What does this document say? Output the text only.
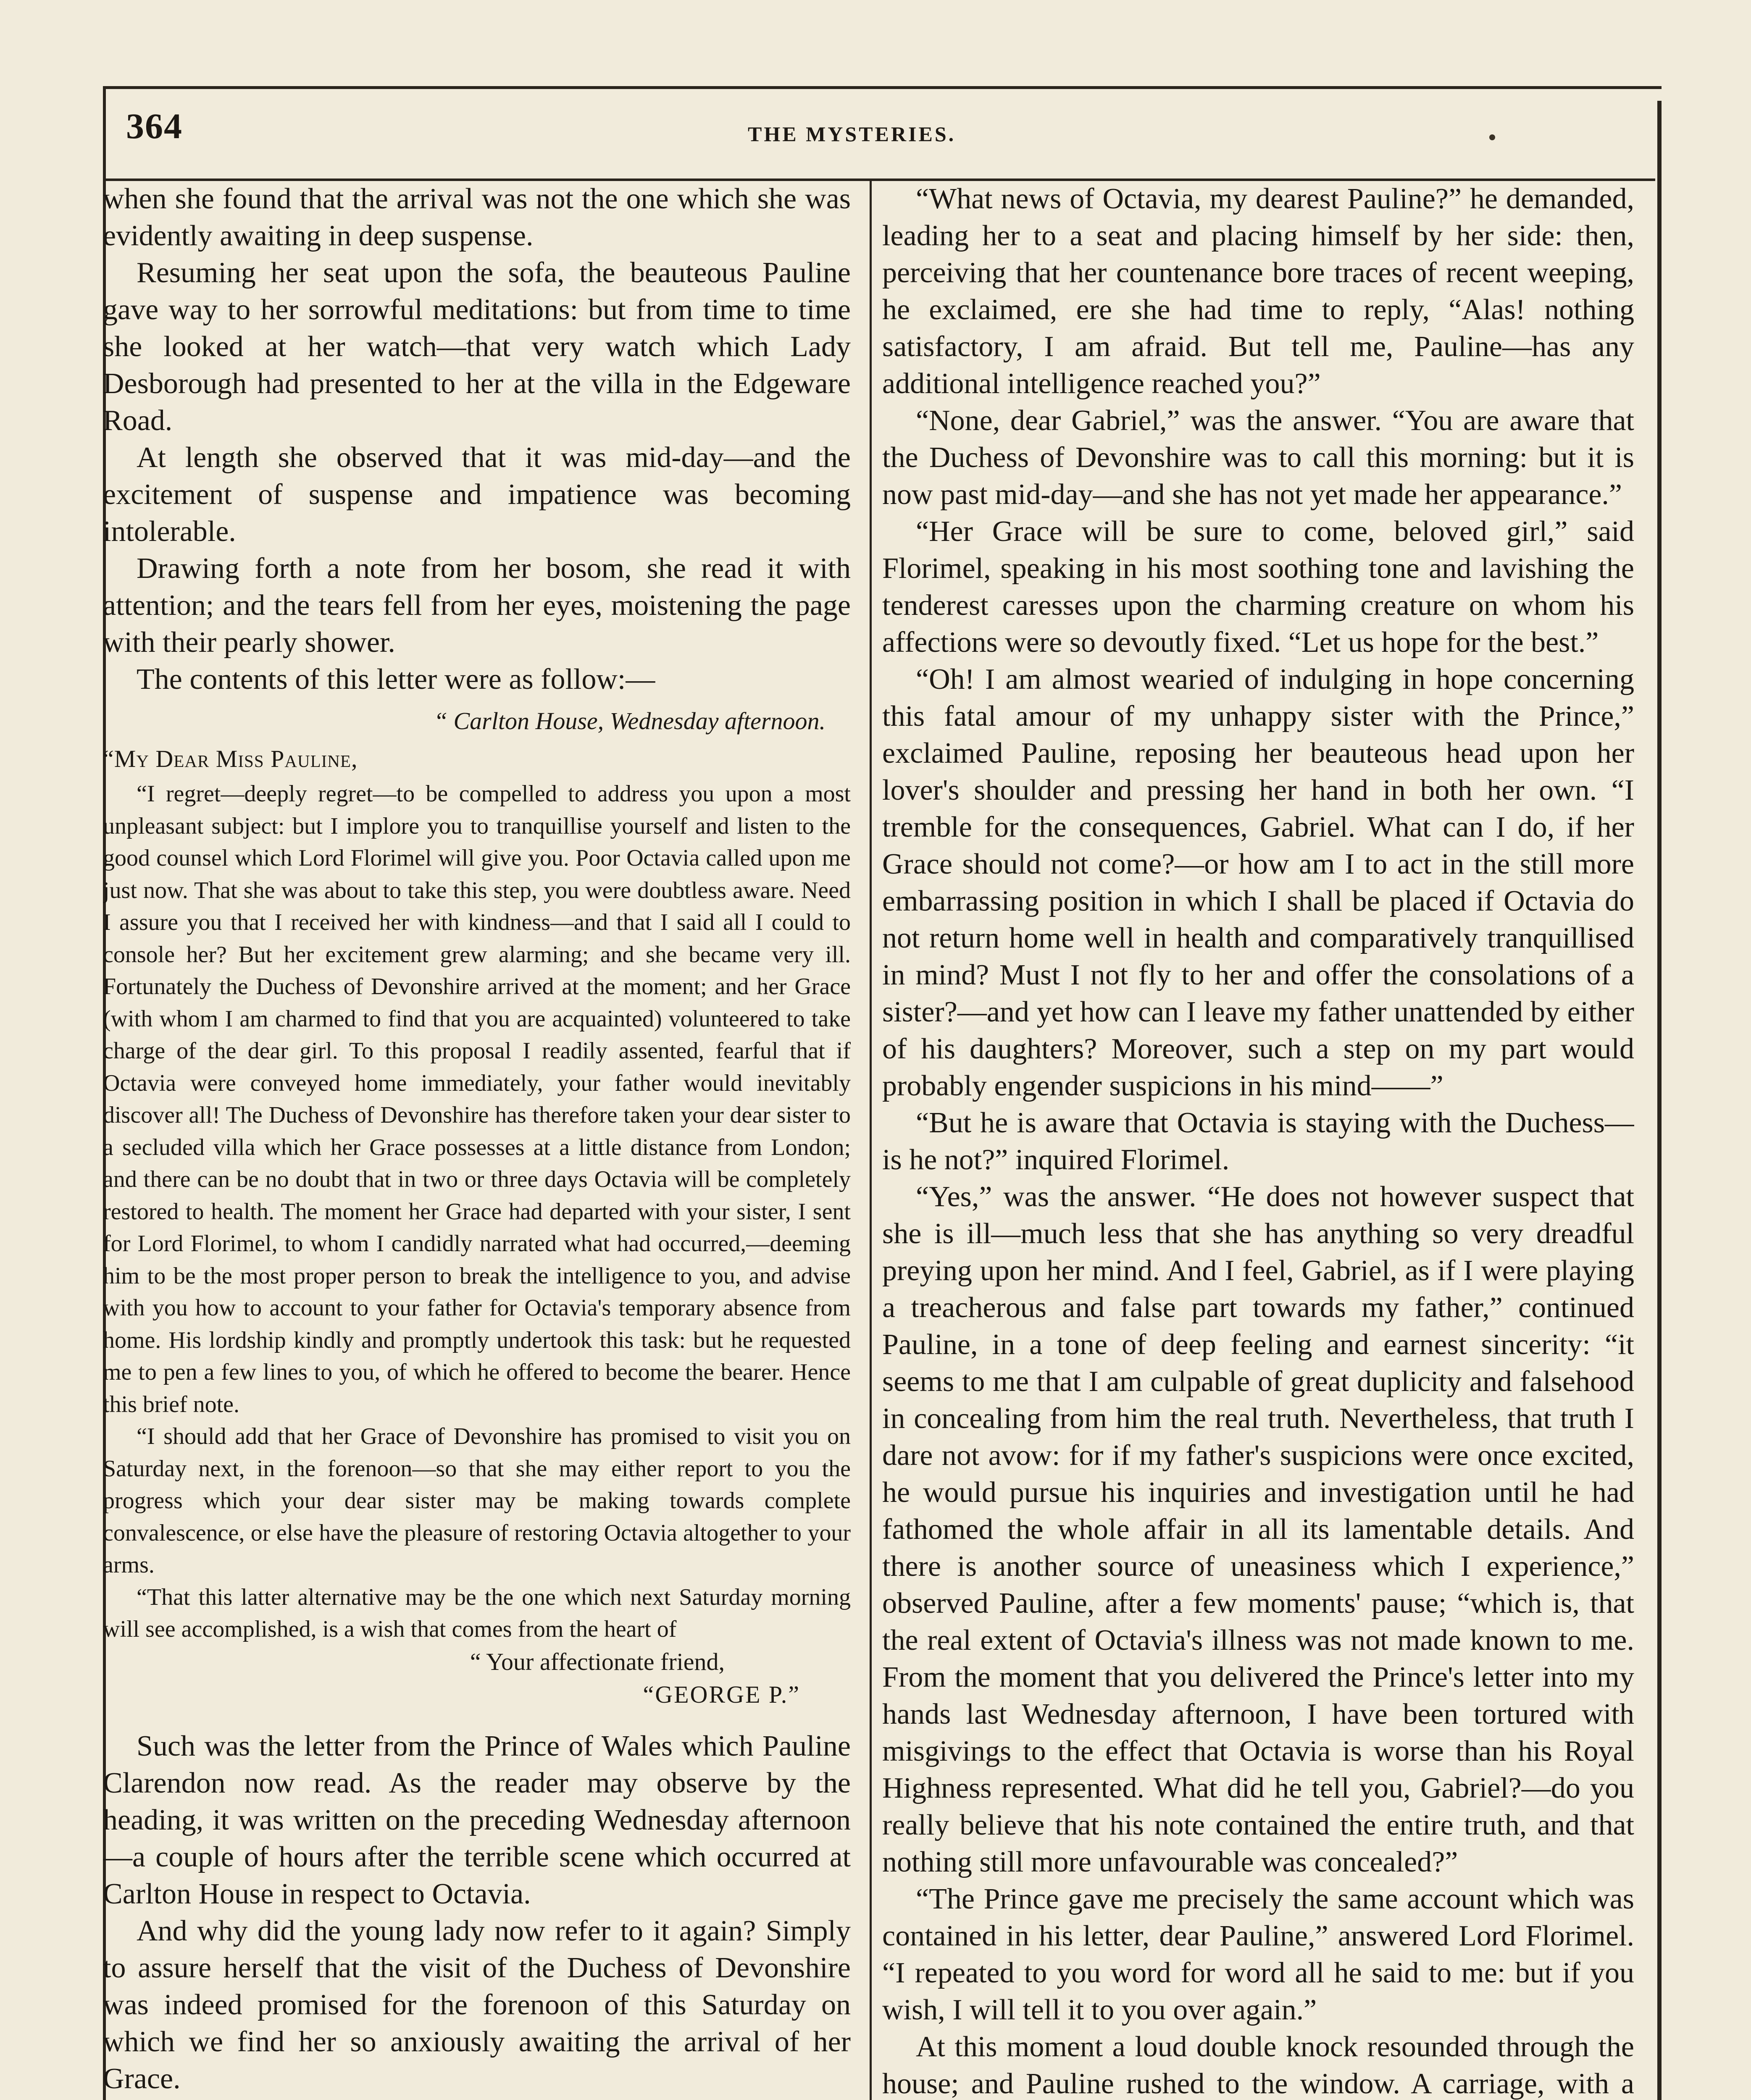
364	THE MYSTERIES.

when she found that the arrival was not the one which she was evidently awaiting in deep suspense.

Resuming her seat upon the sofa, the beauteous Pauline gave way to her sorrowful meditations: but from time to time she looked at her watch—that very watch which Lady Desborough had presented to her at the villa in the Edgeware Road.

At length she observed that it was mid-day—and the excitement of suspense and impatience was becoming intolerable.

Drawing forth a note from her bosom, she read it with attention; and the tears fell from her eyes, moistening the page with their pearly shower.

The contents of this letter were as follow:—

“ Carlton House, Wednesday afternoon.
“My Dear Miss Pauline,

“I regret—deeply regret—to be compelled to address you upon a most unpleasant subject: but I implore you to tranquillise yourself and listen to the good counsel which Lord Florimel will give you. Poor Octavia called upon me just now. That she was about to take this step, you were doubtless aware. Need I assure you that I received her with kindness—and that I said all I could to console her? But her excitement grew alarming; and she became very ill. Fortunately the Duchess of Devonshire arrived at the moment; and her Grace (with whom I am charmed to find that you are acquainted) volunteered to take charge of the dear girl. To this proposal I readily assented, fearful that if Octavia were conveyed home immediately, your father would inevitably discover all! The Duchess of Devonshire has therefore taken your dear sister to a secluded villa which her Grace possesses at a little distance from London; and there can be no doubt that in two or three days Octavia will be completely restored to health. The moment her Grace had departed with your sister, I sent for Lord Florimel, to whom I candidly narrated what had occurred,—deeming him to be the most proper person to break the intelligence to you, and advise with you how to account to your father for Octavia's temporary absence from home. His lordship kindly and promptly undertook this task: but he requested me to pen a few lines to you, of which he offered to become the bearer. Hence this brief note.

“I should add that her Grace of Devonshire has promised to visit you on Saturday next, in the forenoon—so that she may either report to you the progress which your dear sister may be making towards complete convalescence, or else have the pleasure of restoring Octavia altogether to your arms.

“That this latter alternative may be the one which next Saturday morning will see accomplished, is a wish that comes from the heart of

“ Your affectionate friend,
“GEORGE P.”

Such was the letter from the Prince of Wales which Pauline Clarendon now read. As the reader may observe by the heading, it was written on the preceding Wednesday afternoon—a couple of hours after the terrible scene which occurred at Carlton House in respect to Octavia.

And why did the young lady now refer to it again? Simply to assure herself that the visit of the Duchess of Devonshire was indeed promised for the forenoon of this Saturday on which we find her so anxiously awaiting the arrival of her Grace.

“What news of Octavia, my dearest Pauline?” he demanded, leading her to a seat and placing himself by her side: then, perceiving that her countenance bore traces of recent weeping, he exclaimed, ere she had time to reply, “Alas! nothing satisfactory, I am afraid. But tell me, Pauline—has any additional intelligence reached you?”

“None, dear Gabriel,” was the answer. “You are aware that the Duchess of Devonshire was to call this morning: but it is now past mid-day—and she has not yet made her appearance.”

“Her Grace will be sure to come, beloved girl,” said Florimel, speaking in his most soothing tone and lavishing the tenderest caresses upon the charming creature on whom his affections were so devoutly fixed. “Let us hope for the best.”

“Oh! I am almost wearied of indulging in hope concerning this fatal amour of my unhappy sister with the Prince,” exclaimed Pauline, reposing her beauteous head upon her lover's shoulder and pressing her hand in both her own. “I tremble for the consequences, Gabriel. What can I do, if her Grace should not come?—or how am I to act in the still more embarrassing position in which I shall be placed if Octavia do not return home well in health and comparatively tranquillised in mind? Must I not fly to her and offer the consolations of a sister?—and yet how can I leave my father unattended by either of his daughters? Moreover, such a step on my part would probably engender suspicions in his mind——”

“But he is aware that Octavia is staying with the Duchess—is he not?” inquired Florimel.

“Yes,” was the answer. “He does not however suspect that she is ill—much less that she has anything so very dreadful preying upon her mind. And I feel, Gabriel, as if I were playing a treacherous and false part towards my father,” continued Pauline, in a tone of deep feeling and earnest sincerity: “it seems to me that I am culpable of great duplicity and falsehood in concealing from him the real truth. Nevertheless, that truth I dare not avow: for if my father's suspicions were once excited, he would pursue his inquiries and investigation until he had fathomed the whole affair in all its lamentable details. And there is another source of uneasiness which I experience,” observed Pauline, after a few moments' pause; “which is, that the real extent of Octavia's illness was not made known to me. From the moment that you delivered the Prince's letter into my hands last Wednesday afternoon, I have been tortured with misgivings to the effect that Octavia is worse than his Royal Highness represented. What did he tell you, Gabriel?—do you really believe that his note contained the entire truth, and that nothing still more unfavourable was concealed?”

“The Prince gave me precisely the same account which was contained in his letter, dear Pauline,” answered Lord Florimel. “I repeated to you word for word all he said to me: but if you wish, I will tell it to you over again.”

At this moment a loud double knock resounded through the house; and Pauline rushed to the window. A carriage, with a
